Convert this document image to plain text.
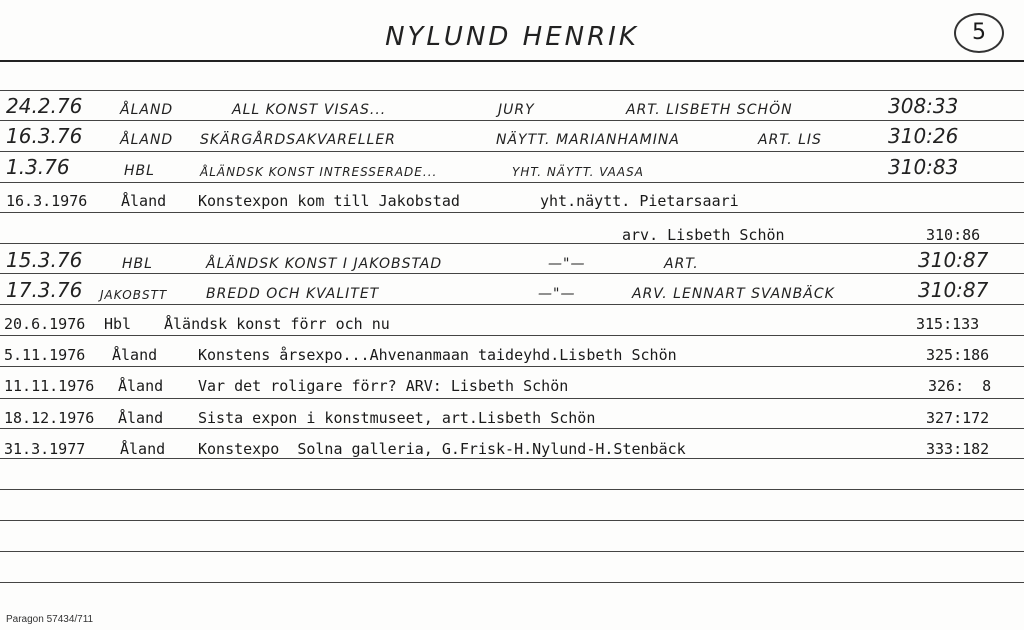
NYLUND HENRIK	5
24.2.76	ÅLAND	ALL KONST VISAS...	JURY	ART. LISBETH SCHÖN	308:33
16.3.76	ÅLAND SKÄRGÅRDSAKVARELLER	NÄYTT. MARIANHAMINA	ART. LIS	310:26
1.3.76	HBL	ÅLÄNDSK KONST INTRESSERADE...	YHT. NÄYTT. VAASA	310:83
16.3.1976 Åland Konstexpon kom till Jakobstad	yht.näytt. Pietarsaari
arv. Lisbeth Schön	310:86
15.3.76	HBL	ÅLÄNDSK KONST I JAKOBSTAD	—"—	ART.	310:87
17.3.76 JAKOBSTT	BREDD OCH KVALITET	—"—	ARV. LENNART SVANBÄCK	310:87
20.6.1976 Hbl Åländsk konst förr och nu	315:133
5.11.1976 Åland	Konstens årsexpo...Ahvenanmaan taideyhd.Lisbeth Schön	325:186
11.11.1976 Åland Var det roligare förr? ARV: Lisbeth Schön	326:  8
18.12.1976 Åland Sista expon i konstmuseet, art.Lisbeth Schön	327:172
31.3.1977 Åland Konstexpo  Solna galleria, G.Frisk-H.Nylund-H.Stenbäck	333:182
Paragon 57434/711
